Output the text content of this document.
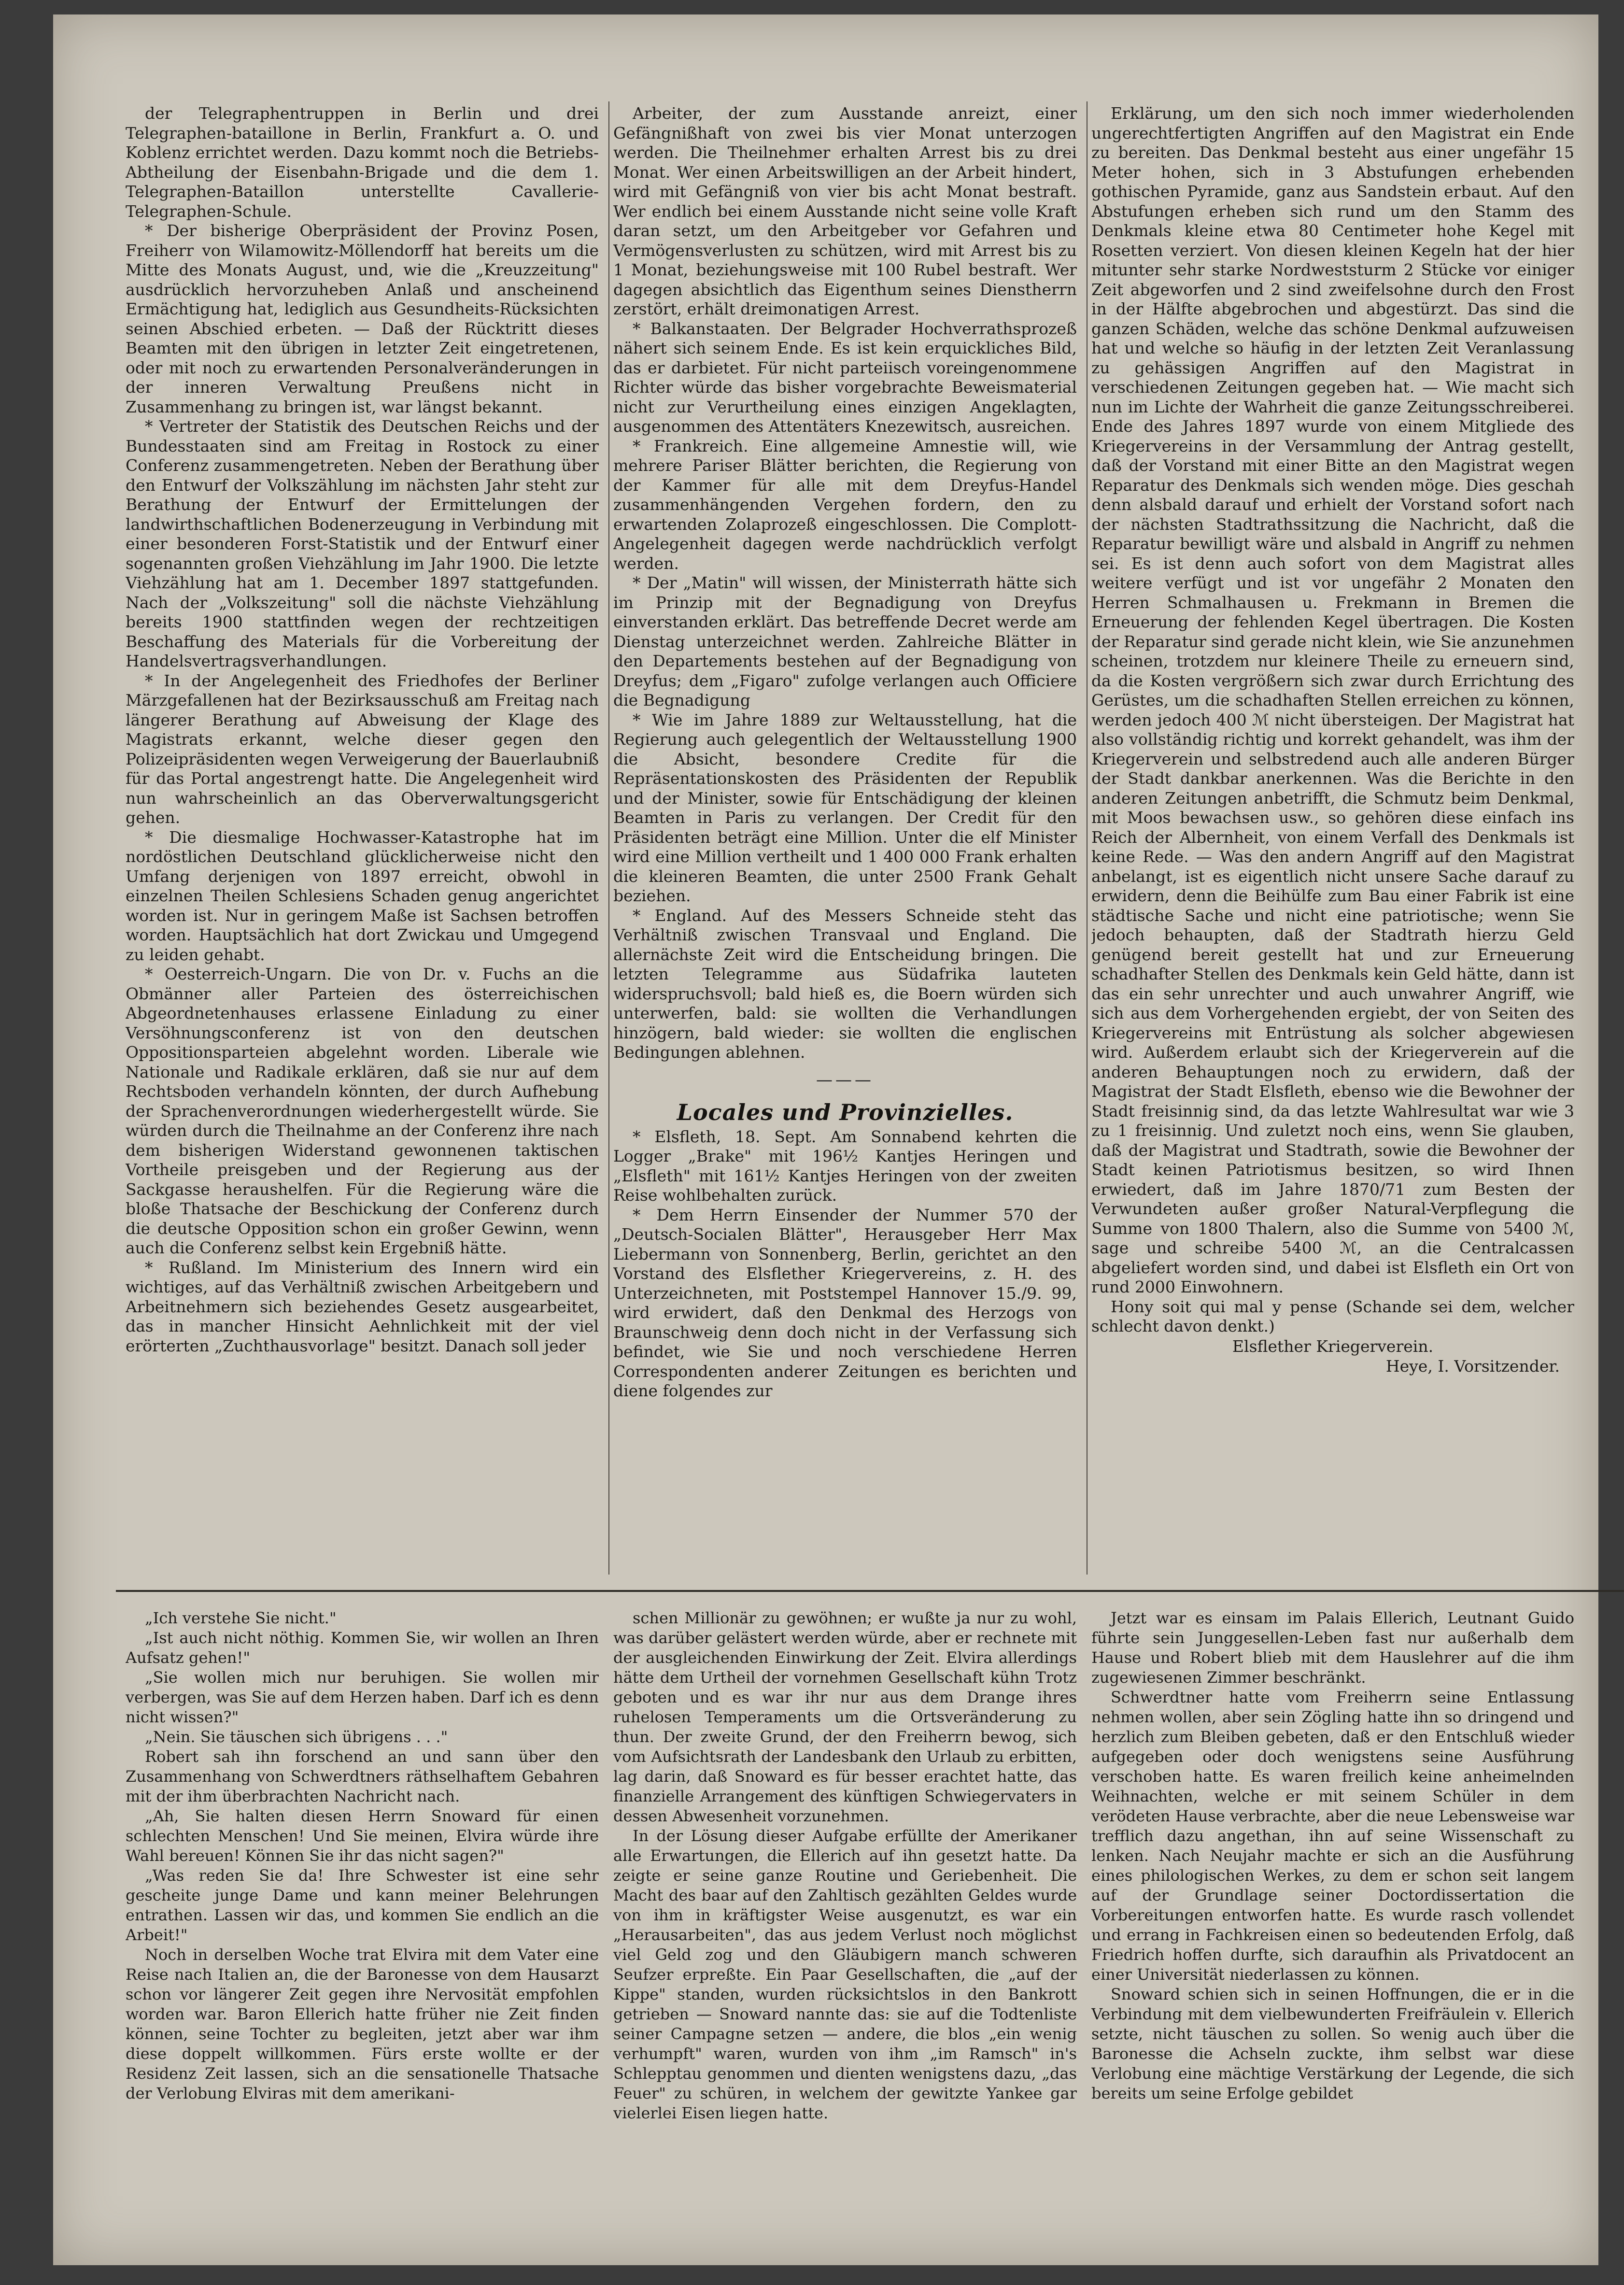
der Telegraphentruppen in Berlin und drei Telegraphen-bataillone in Berlin, Frankfurt a. O. und Koblenz errichtet werden. Dazu kommt noch die Betriebs-Abtheilung der Eisenbahn-Brigade und die dem 1. Telegraphen-Bataillon unterstellte Cavallerie-Telegraphen-Schule.

* Der bisherige Oberpräsident der Provinz Posen, Freiherr von Wilamowitz-Möllendorff hat bereits um die Mitte des Monats August, und, wie die „Kreuzzeitung" ausdrücklich hervorzuheben Anlaß und anscheinend Ermächtigung hat, lediglich aus Gesundheits-Rücksichten seinen Abschied erbeten. — Daß der Rücktritt dieses Beamten mit den übrigen in letzter Zeit eingetretenen, oder mit noch zu erwartenden Personalveränderungen in der inneren Verwaltung Preußens nicht in Zusammenhang zu bringen ist, war längst bekannt.

* Vertreter der Statistik des Deutschen Reichs und der Bundesstaaten sind am Freitag in Rostock zu einer Conferenz zusammengetreten. Neben der Berathung über den Entwurf der Volkszählung im nächsten Jahr steht zur Berathung der Entwurf der Ermittelungen der landwirthschaftlichen Bodenerzeugung in Verbindung mit einer besonderen Forst-Statistik und der Entwurf einer sogenannten großen Viehzählung im Jahr 1900. Die letzte Viehzählung hat am 1. December 1897 stattgefunden. Nach der „Volkszeitung" soll die nächste Viehzählung bereits 1900 stattfinden wegen der rechtzeitigen Beschaffung des Materials für die Vorbereitung der Handelsvertragsverhandlungen.

* In der Angelegenheit des Friedhofes der Berliner Märzgefallenen hat der Bezirksausschuß am Freitag nach längerer Berathung auf Abweisung der Klage des Magistrats erkannt, welche dieser gegen den Polizeipräsidenten wegen Verweigerung der Bauerlaubniß für das Portal angestrengt hatte. Die Angelegenheit wird nun wahrscheinlich an das Oberverwaltungsgericht gehen.

* Die diesmalige Hochwasser-Katastrophe hat im nordöstlichen Deutschland glücklicherweise nicht den Umfang derjenigen von 1897 erreicht, obwohl in einzelnen Theilen Schlesiens Schaden genug angerichtet worden ist. Nur in geringem Maße ist Sachsen betroffen worden. Hauptsächlich hat dort Zwickau und Umgegend zu leiden gehabt.

* Oesterreich-Ungarn. Die von Dr. v. Fuchs an die Obmänner aller Parteien des österreichischen Abgeordnetenhauses erlassene Einladung zu einer Versöhnungsconferenz ist von den deutschen Oppositionsparteien abgelehnt worden. Liberale wie Nationale und Radikale erklären, daß sie nur auf dem Rechtsboden verhandeln könnten, der durch Aufhebung der Sprachenverordnungen wiederhergestellt würde. Sie würden durch die Theilnahme an der Conferenz ihre nach dem bisherigen Widerstand gewonnenen taktischen Vortheile preisgeben und der Regierung aus der Sackgasse heraushelfen. Für die Regierung wäre die bloße Thatsache der Beschickung der Conferenz durch die deutsche Opposition schon ein großer Gewinn, wenn auch die Conferenz selbst kein Ergebniß hätte.

* Rußland. Im Ministerium des Innern wird ein wichtiges, auf das Verhältniß zwischen Arbeitgebern und Arbeitnehmern sich beziehendes Gesetz ausgearbeitet, das in mancher Hinsicht Aehnlichkeit mit der viel erörterten „Zuchthausvorlage" besitzt. Danach soll jeder

Arbeiter, der zum Ausstande anreizt, einer Gefängnißhaft von zwei bis vier Monat unterzogen werden. Die Theilnehmer erhalten Arrest bis zu drei Monat. Wer einen Arbeitswilligen an der Arbeit hindert, wird mit Gefängniß von vier bis acht Monat bestraft. Wer endlich bei einem Ausstande nicht seine volle Kraft daran setzt, um den Arbeitgeber vor Gefahren und Vermögensverlusten zu schützen, wird mit Arrest bis zu 1 Monat, beziehungsweise mit 100 Rubel bestraft. Wer dagegen absichtlich das Eigenthum seines Dienstherrn zerstört, erhält dreimonatigen Arrest.

* Balkanstaaten. Der Belgrader Hochverrathsprozeß nähert sich seinem Ende. Es ist kein erquickliches Bild, das er darbietet. Für nicht parteiisch voreingenommene Richter würde das bisher vorgebrachte Beweismaterial nicht zur Verurtheilung eines einzigen Angeklagten, ausgenommen des Attentäters Knezewitsch, ausreichen.

* Frankreich. Eine allgemeine Amnestie will, wie mehrere Pariser Blätter berichten, die Regierung von der Kammer für alle mit dem Dreyfus-Handel zusammenhängenden Vergehen fordern, den zu erwartenden Zolaprozeß eingeschlossen. Die Complott-Angelegenheit dagegen werde nachdrücklich verfolgt werden.

* Der „Matin" will wissen, der Ministerrath hätte sich im Prinzip mit der Begnadigung von Dreyfus einverstanden erklärt. Das betreffende Decret werde am Dienstag unterzeichnet werden. Zahlreiche Blätter in den Departements bestehen auf der Begnadigung von Dreyfus; dem „Figaro" zufolge verlangen auch Officiere die Begnadigung

* Wie im Jahre 1889 zur Weltausstellung, hat die Regierung auch gelegentlich der Weltausstellung 1900 die Absicht, besondere Credite für die Repräsentationskosten des Präsidenten der Republik und der Minister, sowie für Entschädigung der kleinen Beamten in Paris zu verlangen. Der Credit für den Präsidenten beträgt eine Million. Unter die elf Minister wird eine Million vertheilt und 1 400 000 Frank erhalten die kleineren Beamten, die unter 2500 Frank Gehalt beziehen.

* England. Auf des Messers Schneide steht das Verhältniß zwischen Transvaal und England. Die allernächste Zeit wird die Entscheidung bringen. Die letzten Telegramme aus Südafrika lauteten widerspruchsvoll; bald hieß es, die Boern würden sich unterwerfen, bald: sie wollten die Verhandlungen hinzögern, bald wieder: sie wollten die englischen Bedingungen ablehnen.

———
Locales und Provinzielles.

* Elsfleth, 18. Sept. Am Sonnabend kehrten die Logger „Brake" mit 196½ Kantjes Heringen und „Elsfleth" mit 161½ Kantjes Heringen von der zweiten Reise wohlbehalten zurück.

* Dem Herrn Einsender der Nummer 570 der „Deutsch-Socialen Blätter", Herausgeber Herr Max Liebermann von Sonnenberg, Berlin, gerichtet an den Vorstand des Elsflether Kriegervereins, z. H. des Unterzeichneten, mit Poststempel Hannover 15./9. 99, wird erwidert, daß den Denkmal des Herzogs von Braunschweig denn doch nicht in der Verfassung sich befindet, wie Sie und noch verschiedene Herren Correspondenten anderer Zeitungen es berichten und diene folgendes zur

Erklärung, um den sich noch immer wiederholenden ungerechtfertigten Angriffen auf den Magistrat ein Ende zu bereiten. Das Denkmal besteht aus einer ungefähr 15 Meter hohen, sich in 3 Abstufungen erhebenden gothischen Pyramide, ganz aus Sandstein erbaut. Auf den Abstufungen erheben sich rund um den Stamm des Denkmals kleine etwa 80 Centimeter hohe Kegel mit Rosetten verziert. Von diesen kleinen Kegeln hat der hier mitunter sehr starke Nordweststurm 2 Stücke vor einiger Zeit abgeworfen und 2 sind zweifelsohne durch den Frost in der Hälfte abgebrochen und abgestürzt. Das sind die ganzen Schäden, welche das schöne Denkmal aufzuweisen hat und welche so häufig in der letzten Zeit Veranlassung zu gehässigen Angriffen auf den Magistrat in verschiedenen Zeitungen gegeben hat. — Wie macht sich nun im Lichte der Wahrheit die ganze Zeitungsschreiberei. Ende des Jahres 1897 wurde von einem Mitgliede des Kriegervereins in der Versammlung der Antrag gestellt, daß der Vorstand mit einer Bitte an den Magistrat wegen Reparatur des Denkmals sich wenden möge. Dies geschah denn alsbald darauf und erhielt der Vorstand sofort nach der nächsten Stadtrathssitzung die Nachricht, daß die Reparatur bewilligt wäre und alsbald in Angriff zu nehmen sei. Es ist denn auch sofort von dem Magistrat alles weitere verfügt und ist vor ungefähr 2 Monaten den Herren Schmalhausen u. Frekmann in Bremen die Erneuerung der fehlenden Kegel übertragen. Die Kosten der Reparatur sind gerade nicht klein, wie Sie anzunehmen scheinen, trotzdem nur kleinere Theile zu erneuern sind, da die Kosten vergrößern sich zwar durch Errichtung des Gerüstes, um die schadhaften Stellen erreichen zu können, werden jedoch 400 ℳ nicht übersteigen. Der Magistrat hat also vollständig richtig und korrekt gehandelt, was ihm der Kriegerverein und selbstredend auch alle anderen Bürger der Stadt dankbar anerkennen. Was die Berichte in den anderen Zeitungen anbetrifft, die Schmutz beim Denkmal, mit Moos bewachsen usw., so gehören diese einfach ins Reich der Albernheit, von einem Verfall des Denkmals ist keine Rede. — Was den andern Angriff auf den Magistrat anbelangt, ist es eigentlich nicht unsere Sache darauf zu erwidern, denn die Beihülfe zum Bau einer Fabrik ist eine städtische Sache und nicht eine patriotische; wenn Sie jedoch behaupten, daß der Stadtrath hierzu Geld genügend bereit gestellt hat und zur Erneuerung schadhafter Stellen des Denkmals kein Geld hätte, dann ist das ein sehr unrechter und auch unwahrer Angriff, wie sich aus dem Vorhergehenden ergiebt, der von Seiten des Kriegervereins mit Entrüstung als solcher abgewiesen wird. Außerdem erlaubt sich der Kriegerverein auf die anderen Behauptungen noch zu erwidern, daß der Magistrat der Stadt Elsfleth, ebenso wie die Bewohner der Stadt freisinnig sind, da das letzte Wahlresultat war wie 3 zu 1 freisinnig. Und zuletzt noch eins, wenn Sie glauben, daß der Magistrat und Stadtrath, sowie die Bewohner der Stadt keinen Patriotismus besitzen, so wird Ihnen erwiedert, daß im Jahre 1870/71 zum Besten der Verwundeten außer großer Natural-Verpflegung die Summe von 1800 Thalern, also die Summe von 5400 ℳ, sage und schreibe 5400 ℳ, an die Centralcassen abgeliefert worden sind, und dabei ist Elsfleth ein Ort von rund 2000 Einwohnern.

Hony soit qui mal y pense (Schande sei dem, welcher schlecht davon denkt.)

Elsflether Kriegerverein.

Heye, I. Vorsitzender.

„Ich verstehe Sie nicht."

„Ist auch nicht nöthig. Kommen Sie, wir wollen an Ihren Aufsatz gehen!"

„Sie wollen mich nur beruhigen. Sie wollen mir verbergen, was Sie auf dem Herzen haben. Darf ich es denn nicht wissen?"

„Nein. Sie täuschen sich übrigens . . ."

Robert sah ihn forschend an und sann über den Zusammenhang von Schwerdtners räthselhaftem Gebahren mit der ihm überbrachten Nachricht nach.

„Ah, Sie halten diesen Herrn Snoward für einen schlechten Menschen! Und Sie meinen, Elvira würde ihre Wahl bereuen! Können Sie ihr das nicht sagen?"

„Was reden Sie da! Ihre Schwester ist eine sehr gescheite junge Dame und kann meiner Belehrungen entrathen. Lassen wir das, und kommen Sie endlich an die Arbeit!"

Noch in derselben Woche trat Elvira mit dem Vater eine Reise nach Italien an, die der Baronesse von dem Hausarzt schon vor längerer Zeit gegen ihre Nervosität empfohlen worden war. Baron Ellerich hatte früher nie Zeit finden können, seine Tochter zu begleiten, jetzt aber war ihm diese doppelt willkommen. Fürs erste wollte er der Residenz Zeit lassen, sich an die sensationelle Thatsache der Verlobung Elviras mit dem amerikani-

schen Millionär zu gewöhnen; er wußte ja nur zu wohl, was darüber gelästert werden würde, aber er rechnete mit der ausgleichenden Einwirkung der Zeit. Elvira allerdings hätte dem Urtheil der vornehmen Gesellschaft kühn Trotz geboten und es war ihr nur aus dem Drange ihres ruhelosen Temperaments um die Ortsveränderung zu thun. Der zweite Grund, der den Freiherrn bewog, sich vom Aufsichtsrath der Landesbank den Urlaub zu erbitten, lag darin, daß Snoward es für besser erachtet hatte, das finanzielle Arrangement des künftigen Schwiegervaters in dessen Abwesenheit vorzunehmen.

In der Lösung dieser Aufgabe erfüllte der Amerikaner alle Erwartungen, die Ellerich auf ihn gesetzt hatte. Da zeigte er seine ganze Routine und Geriebenheit. Die Macht des baar auf den Zahltisch gezählten Geldes wurde von ihm in kräftigster Weise ausgenutzt, es war ein „Herausarbeiten", das aus jedem Verlust noch möglichst viel Geld zog und den Gläubigern manch schweren Seufzer erpreßte. Ein Paar Gesellschaften, die „auf der Kippe" standen, wurden rücksichtslos in den Bankrott getrieben — Snoward nannte das: sie auf die Todtenliste seiner Campagne setzen — andere, die blos „ein wenig verhumpft" waren, wurden von ihm „im Ramsch" in's Schlepptau genommen und dienten wenigstens dazu, „das Feuer" zu schüren, in welchem der gewitzte Yankee gar vielerlei Eisen liegen hatte.

Jetzt war es einsam im Palais Ellerich, Leutnant Guido führte sein Junggesellen-Leben fast nur außerhalb dem Hause und Robert blieb mit dem Hauslehrer auf die ihm zugewiesenen Zimmer beschränkt.

Schwerdtner hatte vom Freiherrn seine Entlassung nehmen wollen, aber sein Zögling hatte ihn so dringend und herzlich zum Bleiben gebeten, daß er den Entschluß wieder aufgegeben oder doch wenigstens seine Ausführung verschoben hatte. Es waren freilich keine anheimelnden Weihnachten, welche er mit seinem Schüler in dem verödeten Hause verbrachte, aber die neue Lebensweise war trefflich dazu angethan, ihn auf seine Wissenschaft zu lenken. Nach Neujahr machte er sich an die Ausführung eines philologischen Werkes, zu dem er schon seit langem auf der Grundlage seiner Doctordissertation die Vorbereitungen entworfen hatte. Es wurde rasch vollendet und errang in Fachkreisen einen so bedeutenden Erfolg, daß Friedrich hoffen durfte, sich daraufhin als Privatdocent an einer Universität niederlassen zu können.

Snoward schien sich in seinen Hoffnungen, die er in die Verbindung mit dem vielbewunderten Freifräulein v. Ellerich setzte, nicht täuschen zu sollen. So wenig auch über die Baronesse die Achseln zuckte, ihm selbst war diese Verlobung eine mächtige Verstärkung der Legende, die sich bereits um seine Erfolge gebildet
